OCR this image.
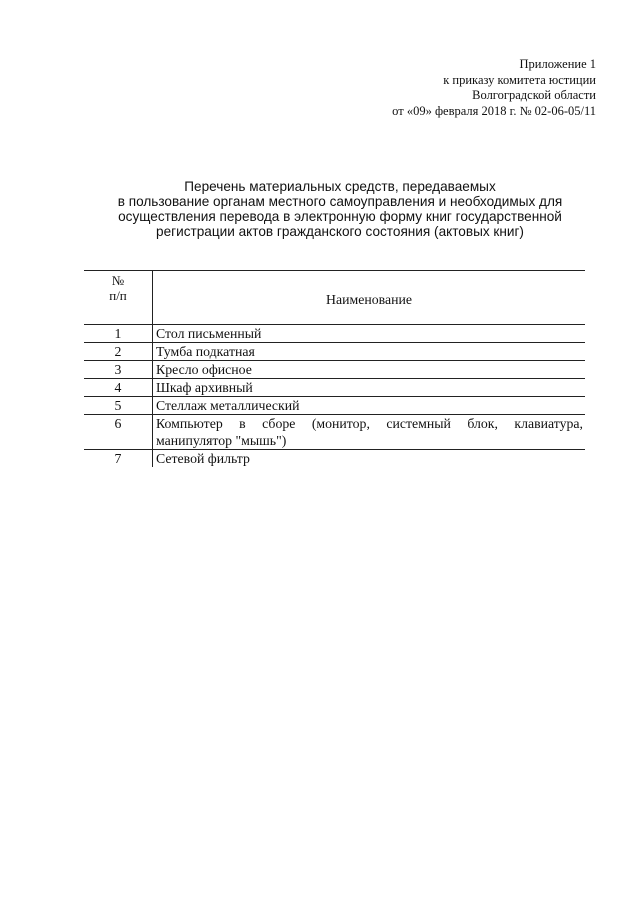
Приложение 1
к приказу комитета юстиции
Волгоградской области
от «09» февраля 2018 г. № 02-06-05/11
Перечень материальных средств, передаваемых
в пользование органам местного самоуправления и необходимых для
осуществления перевода в электронную форму книг государственной
регистрации актов гражданского состояния (актовых книг)
№
п/п	Наименование
1	Стол письменный
2	Тумба подкатная
3	Кресло офисное
4	Шкаф архивный
5	Стеллаж металлический
6	Компьютер в сборе (монитор, системный блок, клавиатура, манипулятор "мышь")
7	Сетевой фильтр
